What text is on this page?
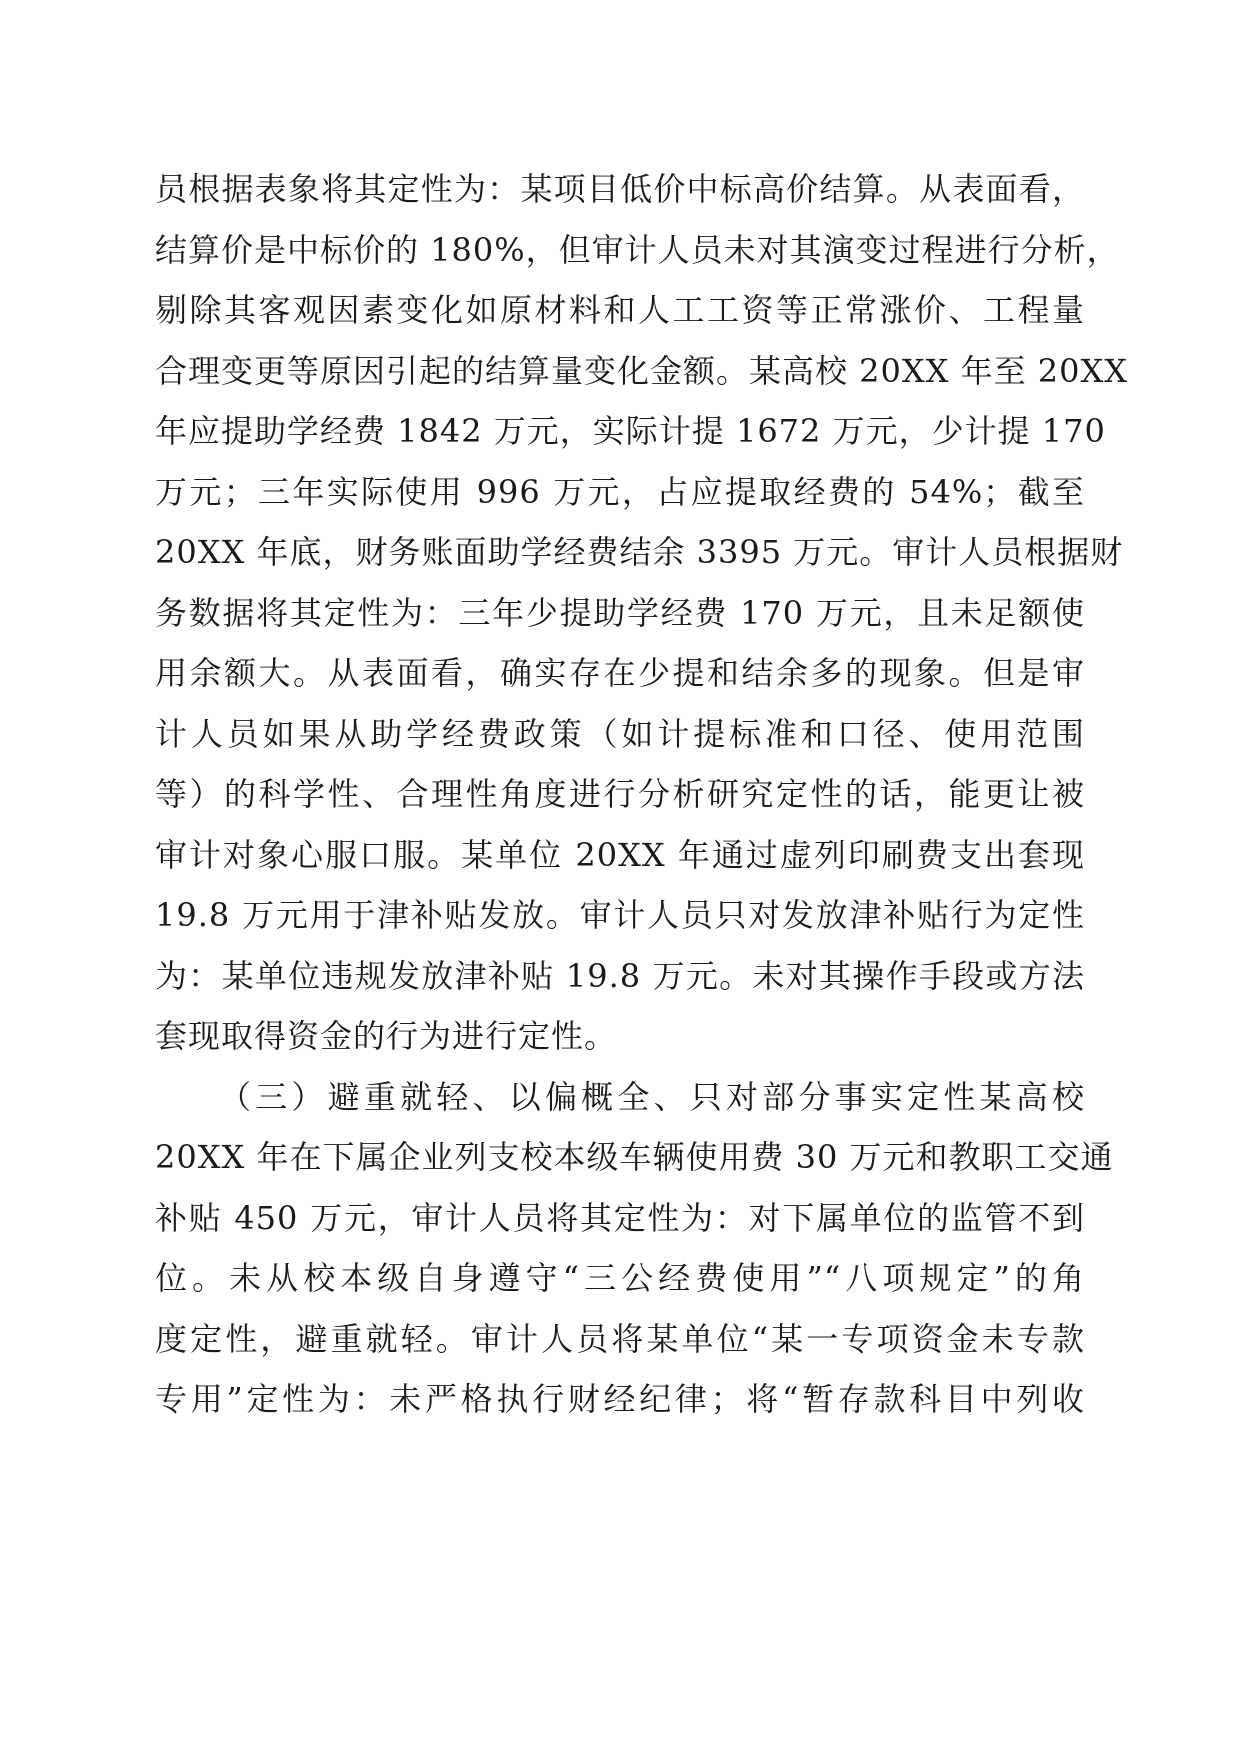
员根据表象将其定性为：某项目低价中标高价结算。从表面看，
结算价是中标价的 180%，但审计人员未对其演变过程进行分析，
剔除其客观因素变化如原材料和人工工资等正常涨价、工程量
合理变更等原因引起的结算量变化金额。某高校 20XX 年至 20XX
年应提助学经费 1842 万元，实际计提 1672 万元，少计提 170
万元；三年实际使用 996 万元，占应提取经费的 54%；截至
20XX 年底，财务账面助学经费结余 3395 万元。审计人员根据财
务数据将其定性为：三年少提助学经费 170 万元，且未足额使
用余额大。从表面看，确实存在少提和结余多的现象。但是审
计人员如果从助学经费政策（如计提标准和口径、使用范围
等）的科学性、合理性角度进行分析研究定性的话，能更让被
审计对象心服口服。某单位 20XX 年通过虚列印刷费支出套现
19.8 万元用于津补贴发放。审计人员只对发放津补贴行为定性
为：某单位违规发放津补贴 19.8 万元。未对其操作手段或方法
套现取得资金的行为进行定性。
（三）避重就轻、以偏概全、只对部分事实定性某高校
20XX 年在下属企业列支校本级车辆使用费 30 万元和教职工交通
补贴 450 万元，审计人员将其定性为：对下属单位的监管不到
位。未从校本级自身遵守“三公经费使用”“八项规定”的角
度定性，避重就轻。审计人员将某单位“某一专项资金未专款
专用”定性为：未严格执行财经纪律；将“暂存款科目中列收
